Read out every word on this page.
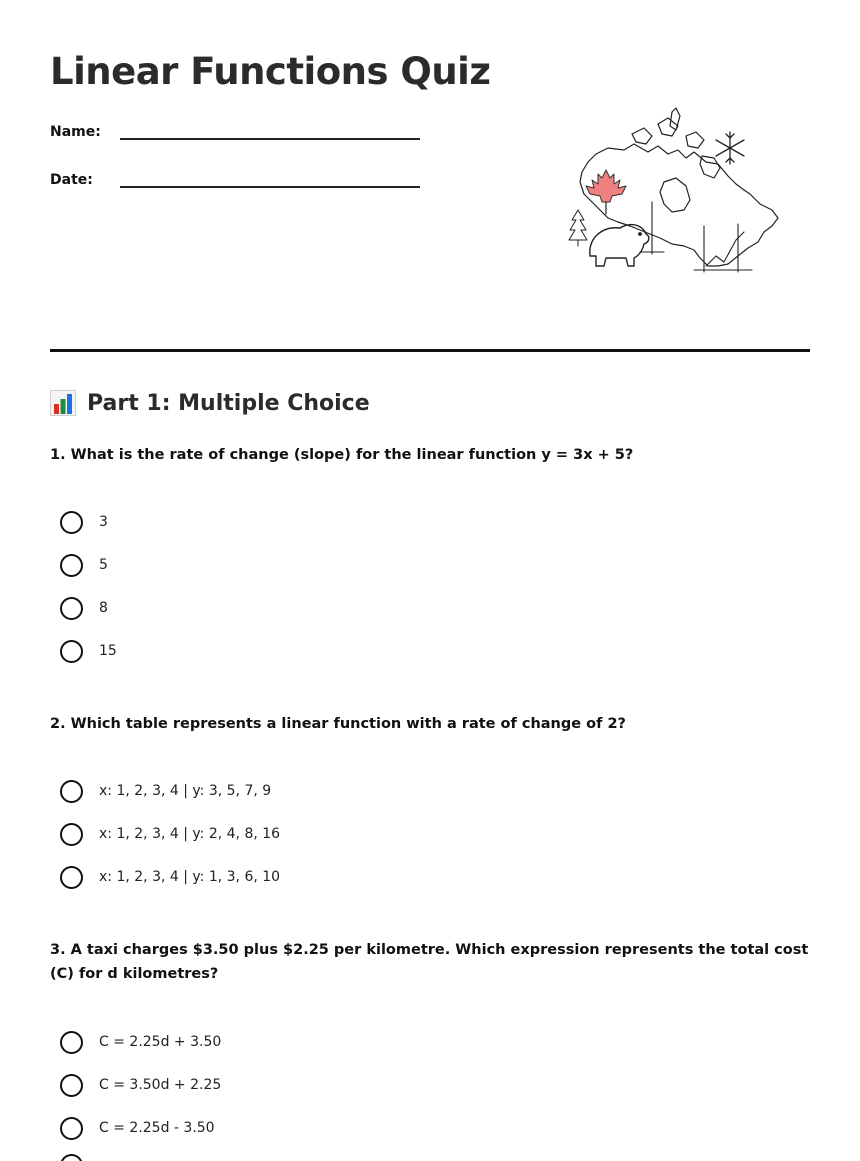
Linear Functions Quiz
Name:
Date:
Part 1: Multiple Choice
1. What is the rate of change (slope) for the linear function y = 3x + 5?
3
5
8
15
2. Which table represents a linear function with a rate of change of 2?
x: 1, 2, 3, 4 | y: 3, 5, 7, 9
x: 1, 2, 3, 4 | y: 2, 4, 8, 16
x: 1, 2, 3, 4 | y: 1, 3, 6, 10
3. A taxi charges $3.50 plus $2.25 per kilometre. Which expression represents the total cost (C) for d kilometres?
C = 2.25d + 3.50
C = 3.50d + 2.25
C = 2.25d - 3.50
